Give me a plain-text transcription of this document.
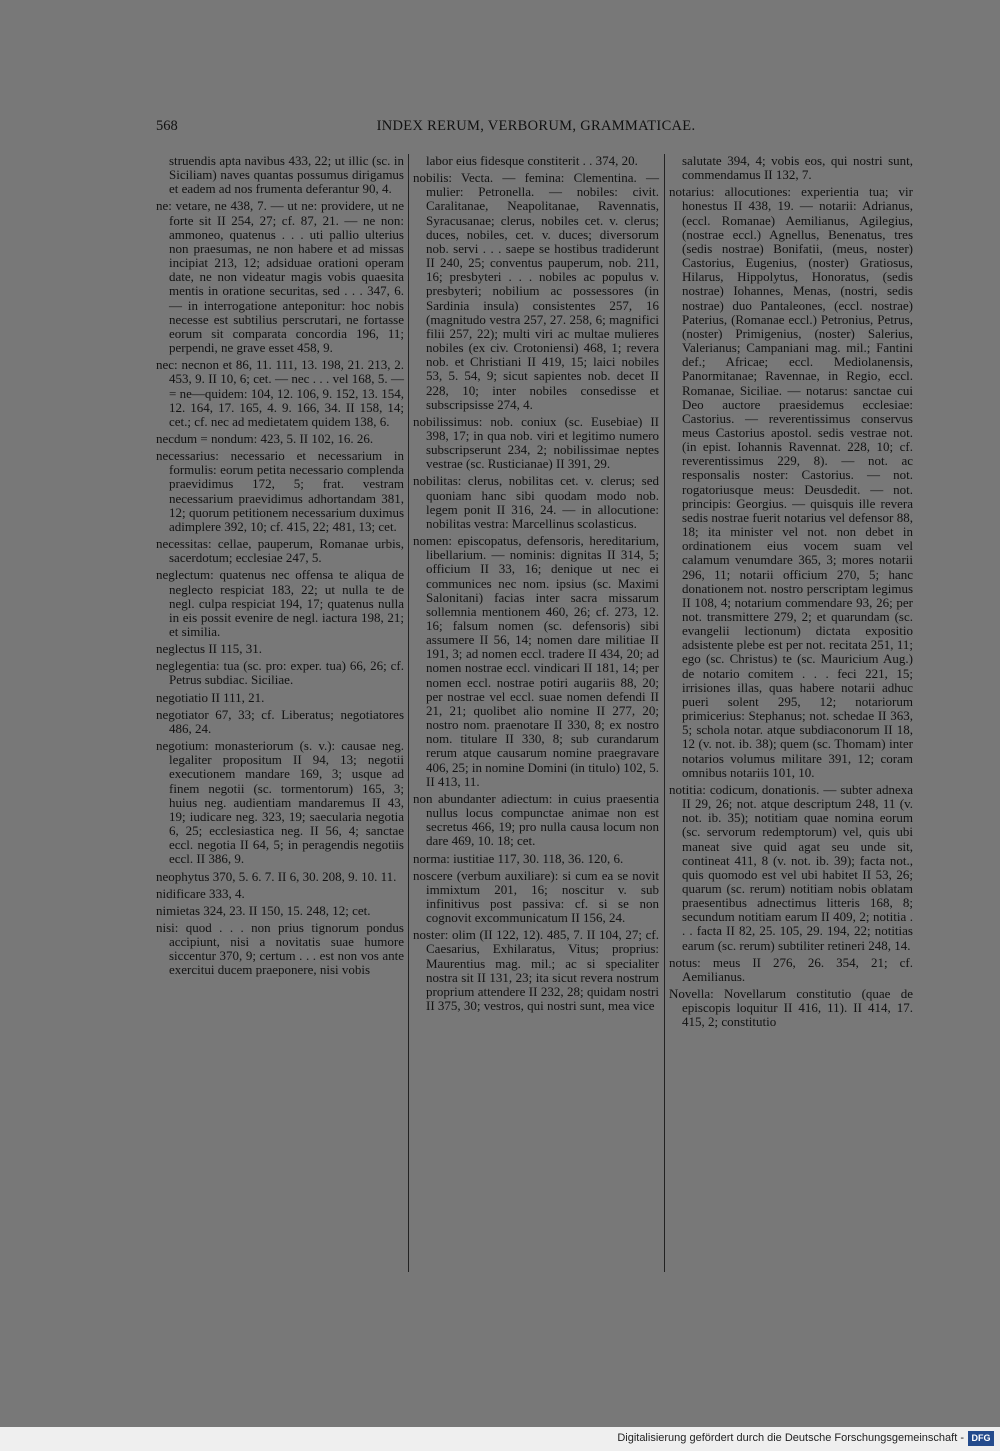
568	INDEX RERUM, VERBORUM, GRAMMATICAE.

struendis apta navibus 433, 22; ut illic (sc. in Siciliam) naves quantas possumus dirigamus et eadem ad nos frumenta deferantur 90, 4.

ne: vetare, ne 438, 7. — ut ne: providere, ut ne forte sit II 254, 27; cf. 87, 21. — ne non: ammoneo, quatenus . . . uti pallio ulterius non praesumas, ne non habere et ad missas incipiat 213, 12; adsiduae orationi operam date, ne non videatur magis vobis quaesita mentis in oratione securitas, sed . . . 347, 6. — in interrogatione anteponitur: hoc nobis necesse est subtilius perscrutari, ne fortasse eorum sit comparata concordia 196, 11; perpendi, ne grave esset 458, 9.

nec: necnon et 86, 11. 111, 13. 198, 21. 213, 2. 453, 9. II 10, 6; cet. — nec . . . vel 168, 5. — = ne—quidem: 104, 12. 106, 9. 152, 13. 154, 12. 164, 17. 165, 4. 9. 166, 34. II 158, 14; cet.; cf. nec ad medietatem quidem 138, 6.

necdum = nondum: 423, 5. II 102, 16. 26.

necessarius: necessario et necessarium in formulis: eorum petita necessario complenda praevidimus 172, 5; frat. vestram necessarium praevidimus adhortandam 381, 12; quorum petitionem necessarium duximus adimplere 392, 10; cf. 415, 22; 481, 13; cet.

necessitas: cellae, pauperum, Romanae urbis, sacerdotum; ecclesiae 247, 5.

neglectum: quatenus nec offensa te aliqua de neglecto respiciat 183, 22; ut nulla te de negl. culpa respiciat 194, 17; quatenus nulla in eis possit evenire de negl. iactura 198, 21; et similia.

neglectus II 115, 31.

neglegentia: tua (sc. pro: exper. tua) 66, 26; cf. Petrus subdiac. Siciliae.

negotiatio II 111, 21.

negotiator 67, 33; cf. Liberatus; negotiatores 486, 24.

negotium: monasteriorum (s. v.): causae neg. legaliter propositum II 94, 13; negotii executionem mandare 169, 3; usque ad finem negotii (sc. tormentorum) 165, 3; huius neg. audientiam mandaremus II 43, 19; iudicare neg. 323, 19; saecularia negotia 6, 25; ecclesiastica neg. II 56, 4; sanctae eccl. negotia II 64, 5; in peragendis negotiis eccl. II 386, 9.

neophytus 370, 5. 6. 7. II 6, 30. 208, 9. 10. 11.

nidificare 333, 4.

nimietas 324, 23. II 150, 15. 248, 12; cet.

nisi: quod . . . non prius tignorum pondus accipiunt, nisi a novitatis suae humore siccentur 370, 9; certum . . . est non vos ante exercitui ducem praeponere, nisi vobis

labor eius fidesque constiterit . . 374, 20.

nobilis: Vecta. — femina: Clementina. — mulier: Petronella. — nobiles: civit. Caralitanae, Neapolitanae, Ravennatis, Syracusanae; clerus, nobiles cet. v. clerus; duces, nobiles, cet. v. duces; diversorum nob. servi . . . saepe se hostibus tradiderunt II 240, 25; conventus pauperum, nob. 211, 16; presbyteri . . . nobiles ac populus v. presbyteri; nobilium ac possessores (in Sardinia insula) consistentes 257, 16 (magnitudo vestra 257, 27. 258, 6; magnifici filii 257, 22); multi viri ac multae mulieres nobiles (ex civ. Crotoniensi) 468, 1; revera nob. et Christiani II 419, 15; laici nobiles 53, 5. 54, 9; sicut sapientes nob. decet II 228, 10; inter nobiles consedisse et subscripsisse 274, 4.

nobilissimus: nob. coniux (sc. Eusebiae) II 398, 17; in qua nob. viri et legitimo numero subscripserunt 234, 2; nobilissimae neptes vestrae (sc. Rusticianae) II 391, 29.

nobilitas: clerus, nobilitas cet. v. clerus; sed quoniam hanc sibi quodam modo nob. legem ponit II 316, 24. — in allocutione: nobilitas vestra: Marcellinus scolasticus.

nomen: episcopatus, defensoris, hereditarium, libellarium. — nominis: dignitas II 314, 5; officium II 33, 16; denique ut nec ei communices nec nom. ipsius (sc. Maximi Salonitani) facias inter sacra missarum sollemnia mentionem 460, 26; cf. 273, 12. 16; falsum nomen (sc. defensoris) sibi assumere II 56, 14; nomen dare militiae II 191, 3; ad nomen eccl. tradere II 434, 20; ad nomen nostrae eccl. vindicari II 181, 14; per nomen eccl. nostrae potiri augariis 88, 20; per nostrae vel eccl. suae nomen defendi II 21, 21; quolibet alio nomine II 277, 20; nostro nom. praenotare II 330, 8; ex nostro nom. titulare II 330, 8; sub curandarum rerum atque causarum nomine praegravare 406, 25; in nomine Domini (in titulo) 102, 5. II 413, 11.

non abundanter adiectum: in cuius praesentia nullus locus compunctae animae non est secretus 466, 19; pro nulla causa locum non dare 469, 10. 18; cet.

norma: iustitiae 117, 30. 118, 36. 120, 6.

noscere (verbum auxiliare): si cum ea se novit immixtum 201, 16; noscitur v. sub infinitivus post passiva: cf. si se non cognovit excommunicatum II 156, 24.

noster: olim (II 122, 12). 485, 7. II 104, 27; cf. Caesarius, Exhilaratus, Vitus; proprius: Maurentius mag. mil.; ac si specialiter nostra sit II 131, 23; ita sicut revera nostrum proprium attendere II 232, 28; quidam nostri II 375, 30; vestros, qui nostri sunt, mea vice

salutate 394, 4; vobis eos, qui nostri sunt, commendamus II 132, 7.

notarius: allocutiones: experientia tua; vir honestus II 438, 19. — notarii: Adrianus, (eccl. Romanae) Aemilianus, Agilegius, (nostrae eccl.) Agnellus, Benenatus, tres (sedis nostrae) Bonifatii, (meus, noster) Castorius, Eugenius, (noster) Gratiosus, Hilarus, Hippolytus, Honoratus, (sedis nostrae) Iohannes, Menas, (nostri, sedis nostrae) duo Pantaleones, (eccl. nostrae) Paterius, (Romanae eccl.) Petronius, Petrus, (noster) Primigenius, (noster) Salerius, Valerianus; Campaniani mag. mil.; Fantini def.; Africae; eccl. Mediolanensis, Panormitanae; Ravennae, in Regio, eccl. Romanae, Siciliae. — notarus: sanctae cui Deo auctore praesidemus ecclesiae: Castorius. — reverentissimus conservus meus Castorius apostol. sedis vestrae not. (in epist. Iohannis Ravennat. 228, 10; cf. reverentissimus 229, 8). — not. ac responsalis noster: Castorius. — not. rogatoriusque meus: Deusdedit. — not. principis: Georgius. — quisquis ille revera sedis nostrae fuerit notarius vel defensor 88, 18; ita minister vel not. non debet in ordinationem eius vocem suam vel calamum venumdare 365, 3; mores notarii 296, 11; notarii officium 270, 5; hanc donationem not. nostro perscriptam legimus II 108, 4; notarium commendare 93, 26; per not. transmittere 279, 2; et quarundam (sc. evangelii lectionum) dictata expositio adsistente plebe est per not. recitata 251, 11; ego (sc. Christus) te (sc. Mauricium Aug.) de notario comitem . . . feci 221, 15; irrisiones illas, quas habere notarii adhuc pueri solent 295, 12; notariorum primicerius: Stephanus; not. schedae II 363, 5; schola notar. atque subdiaconorum II 18, 12 (v. not. ib. 38); quem (sc. Thomam) inter notarios volumus militare 391, 12; coram omnibus notariis 101, 10.

notitia: codicum, donationis. — subter adnexa II 29, 26; not. atque descriptum 248, 11 (v. not. ib. 35); notitiam quae nomina eorum (sc. servorum redemptorum) vel, quis ubi maneat sive quid agat seu unde sit, contineat 411, 8 (v. not. ib. 39); facta not., quis quomodo est vel ubi habitet II 53, 26; quarum (sc. rerum) notitiam nobis oblatam praesentibus adnectimus litteris 168, 8; secundum notitiam earum II 409, 2; notitia . . . facta II 82, 25. 105, 29. 194, 22; notitias earum (sc. rerum) subtiliter retineri 248, 14.

notus: meus II 276, 26. 354, 21; cf. Aemilianus.

Novella: Novellarum constitutio (quae de episcopis loquitur II 416, 11). II 414, 17. 415, 2; constitutio

Digitalisierung gefördert durch die Deutsche Forschungsgemeinschaft - DFG
